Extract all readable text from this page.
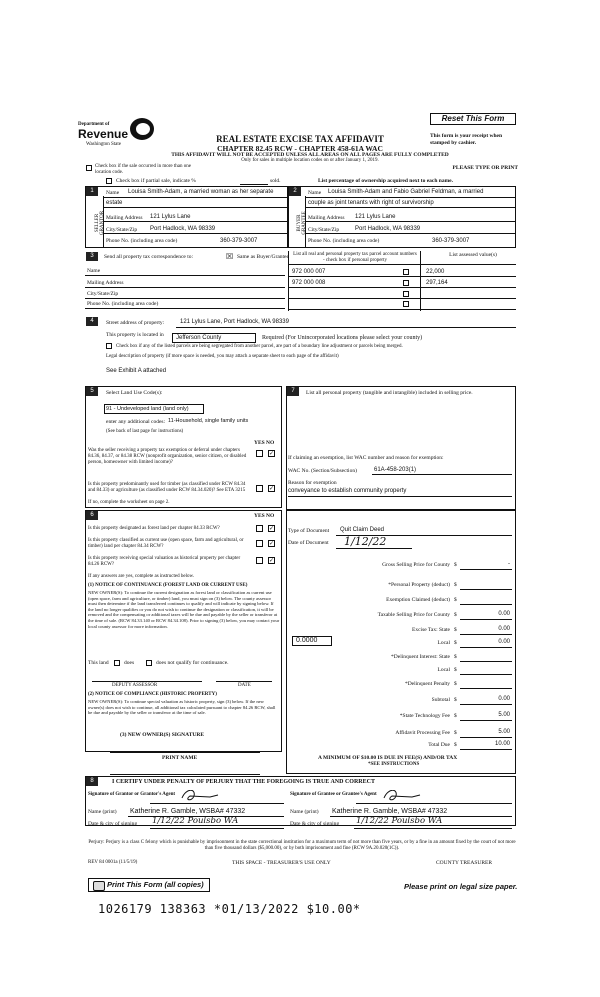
Reset This Form
Department of
Revenue
Washington State
REAL ESTATE EXCISE TAX AFFIDAVIT
CHAPTER 82.45 RCW - CHAPTER 458-61A WAC
THIS AFFIDAVIT WILL NOT BE ACCEPTED UNLESS ALL AREAS ON ALL PAGES ARE FULLY COMPLETED
Only for sales in multiple location codes on or after January 1, 2019.
This form is your receipt when stamped by cashier.
PLEASE TYPE OR PRINT
Check box if the sale occurred in more than one location code.
Check box if partial sale, indicate %	sold.	List percentage of ownership acquired next to each name.
1
SELLER GRANTOR
Name Louisa Smith-Adam, a married woman as her separate
estate
Mailing Address 121 Lylus Lane
City/State/Zip Port Hadlock, WA 98339
Phone No. (including area code)	360-379-3007
2
BUYER GRANTEE
Name Louisa Smith-Adam and Fabio Gabriel Feldman, a married
couple as joint tenants with right of survivorship
Mailing Address 121 Lylus Lane
City/State/Zip	Port Hadlock, WA 98339
Phone No. (including area code)	360-379-3007
3	Send all property tax correspondence to:	☒ Same as Buyer/Grantee
Name
Mailing Address
City/State/Zip
Phone No. (including area code)
List all real and personal property tax parcel account numbers - check box if personal property
List assessed value(s)
972 000 007	22,000
972 000 008	297,164
4	Street address of property:	121 Lylus Lane, Port Hadlock, WA 98339
This property is located in Jefferson County	Required (For Unincorporated locations please select your county)
Check box if any of the listed parcels are being segregated from another parcel, are part of a boundary line adjustment or parcels being merged.
Legal description of property (if more space is needed, you may attach a separate sheet to each page of the affidavit)
See Exhibit A attached
5	Select Land Use Code(s):
91 - Undeveloped land (land only)
enter any additional codes: 11-Household, single family units
(See back of last page for instructions)
YES NO
Was the seller receiving a property tax exemption or deferral under chapters 84.36, 84.37, or 84.38 RCW (nonprofit organization, senior citizen, or disabled person, homeowner with limited income)?
✓
Is this property predominantly used for timber (as classified under RCW 84.34 and 84.33) or agriculture (as classified under RCW 84.34.020)? See ETA 3215	✓
If no, complete the worksheet on page 2.
6	YES NO
Is this property designated as forest land per chapter 84.33 RCW?	✓
Is this property classified as current use (open space, farm and agricultural, or timber) land per chapter 84.34 RCW?	✓
Is this property receiving special valuation as historical property per chapter 84.26 RCW?
✓
If any answers are yes, complete as instructed below.
(1) NOTICE OF CONTINUANCE (FOREST LAND OR CURRENT USE)
NEW OWNER(S): To continue the current designation as forest land or classification as current use (open space, farm and agriculture, or timber) land, you must sign on (3) below. The county assessor must then determine if the land transferred continues to qualify and will indicate by signing below. If the land no longer qualifies or you do not wish to continue the designation or classification, it will be removed and the compensating or additional taxes will be due and payable by the seller or transferor at the time of sale. (RCW 84.33.140 or RCW 84.34.108). Prior to signing (3) below, you may contact your local county assessor for more information.
This land	does	does not qualify for continuance.
DEPUTY ASSESSOR	DATE
(2) NOTICE OF COMPLIANCE (HISTORIC PROPERTY)
NEW OWNER(S): To continue special valuation as historic property, sign (3) below. If the new owner(s) does not wish to continue, all additional tax calculated pursuant to chapter 84.26 RCW, shall be due and payable by the seller or transferor at the time of sale.
(3) NEW OWNER(S) SIGNATURE
PRINT NAME
7	List all personal property (tangible and intangible) included in selling price.
If claiming an exemption, list WAC number and reason for exemption:
WAC No. (Section/Subsection)	61A-458-203(1)
Reason for exemption
conveyance to establish community property
Type of Document Quit Claim Deed
Date of Document 1/12/22
Gross Selling Price for County $	-
*Personal Property (deduct) $
Exemption Claimed (deduct) $
Taxable Selling Price for County $	0.00
Excise Tax: State $	0.00
Local $	0.00
*Delinquent Interest: State $
Local $
*Delinquent Penalty $
Subtotal $	0.00
*State Technology Fee $	5.00
Affidavit Processing Fee $	5.00
Total Due $	10.00
0.0000
A MINIMUM OF $10.00 IS DUE IN FEE(S) AND/OR TAX
*SEE INSTRUCTIONS
8	I CERTIFY UNDER PENALTY OF PERJURY THAT THE FOREGOING IS TRUE AND CORRECT
Signature of Grantor or Grantor's Agent	Signature of Grantee or Grantee's Agent
Name (print) Katherine R. Gamble, WSBA# 47332	Name (print) Katherine R. Gamble, WSBA# 47332
Date & city of signing 1/12/22 Poulsbo WA	Date & city of signing 1/12/22 Poulsbo WA
Perjury: Perjury is a class C felony which is punishable by imprisonment in the state correctional institution for a maximum term of not more than five years, or by a fine in an amount fixed by the court of not more than five thousand dollars ($5,000.00), or by both imprisonment and fine (RCW 9A.20.020(1C)).
REV 84 0001a (11/5/19)	THIS SPACE - TREASURER'S USE ONLY	COUNTY TREASURER
Print This Form (all copies)	Please print on legal size paper.
1026179 138363 *01/13/2022 $10.00*
